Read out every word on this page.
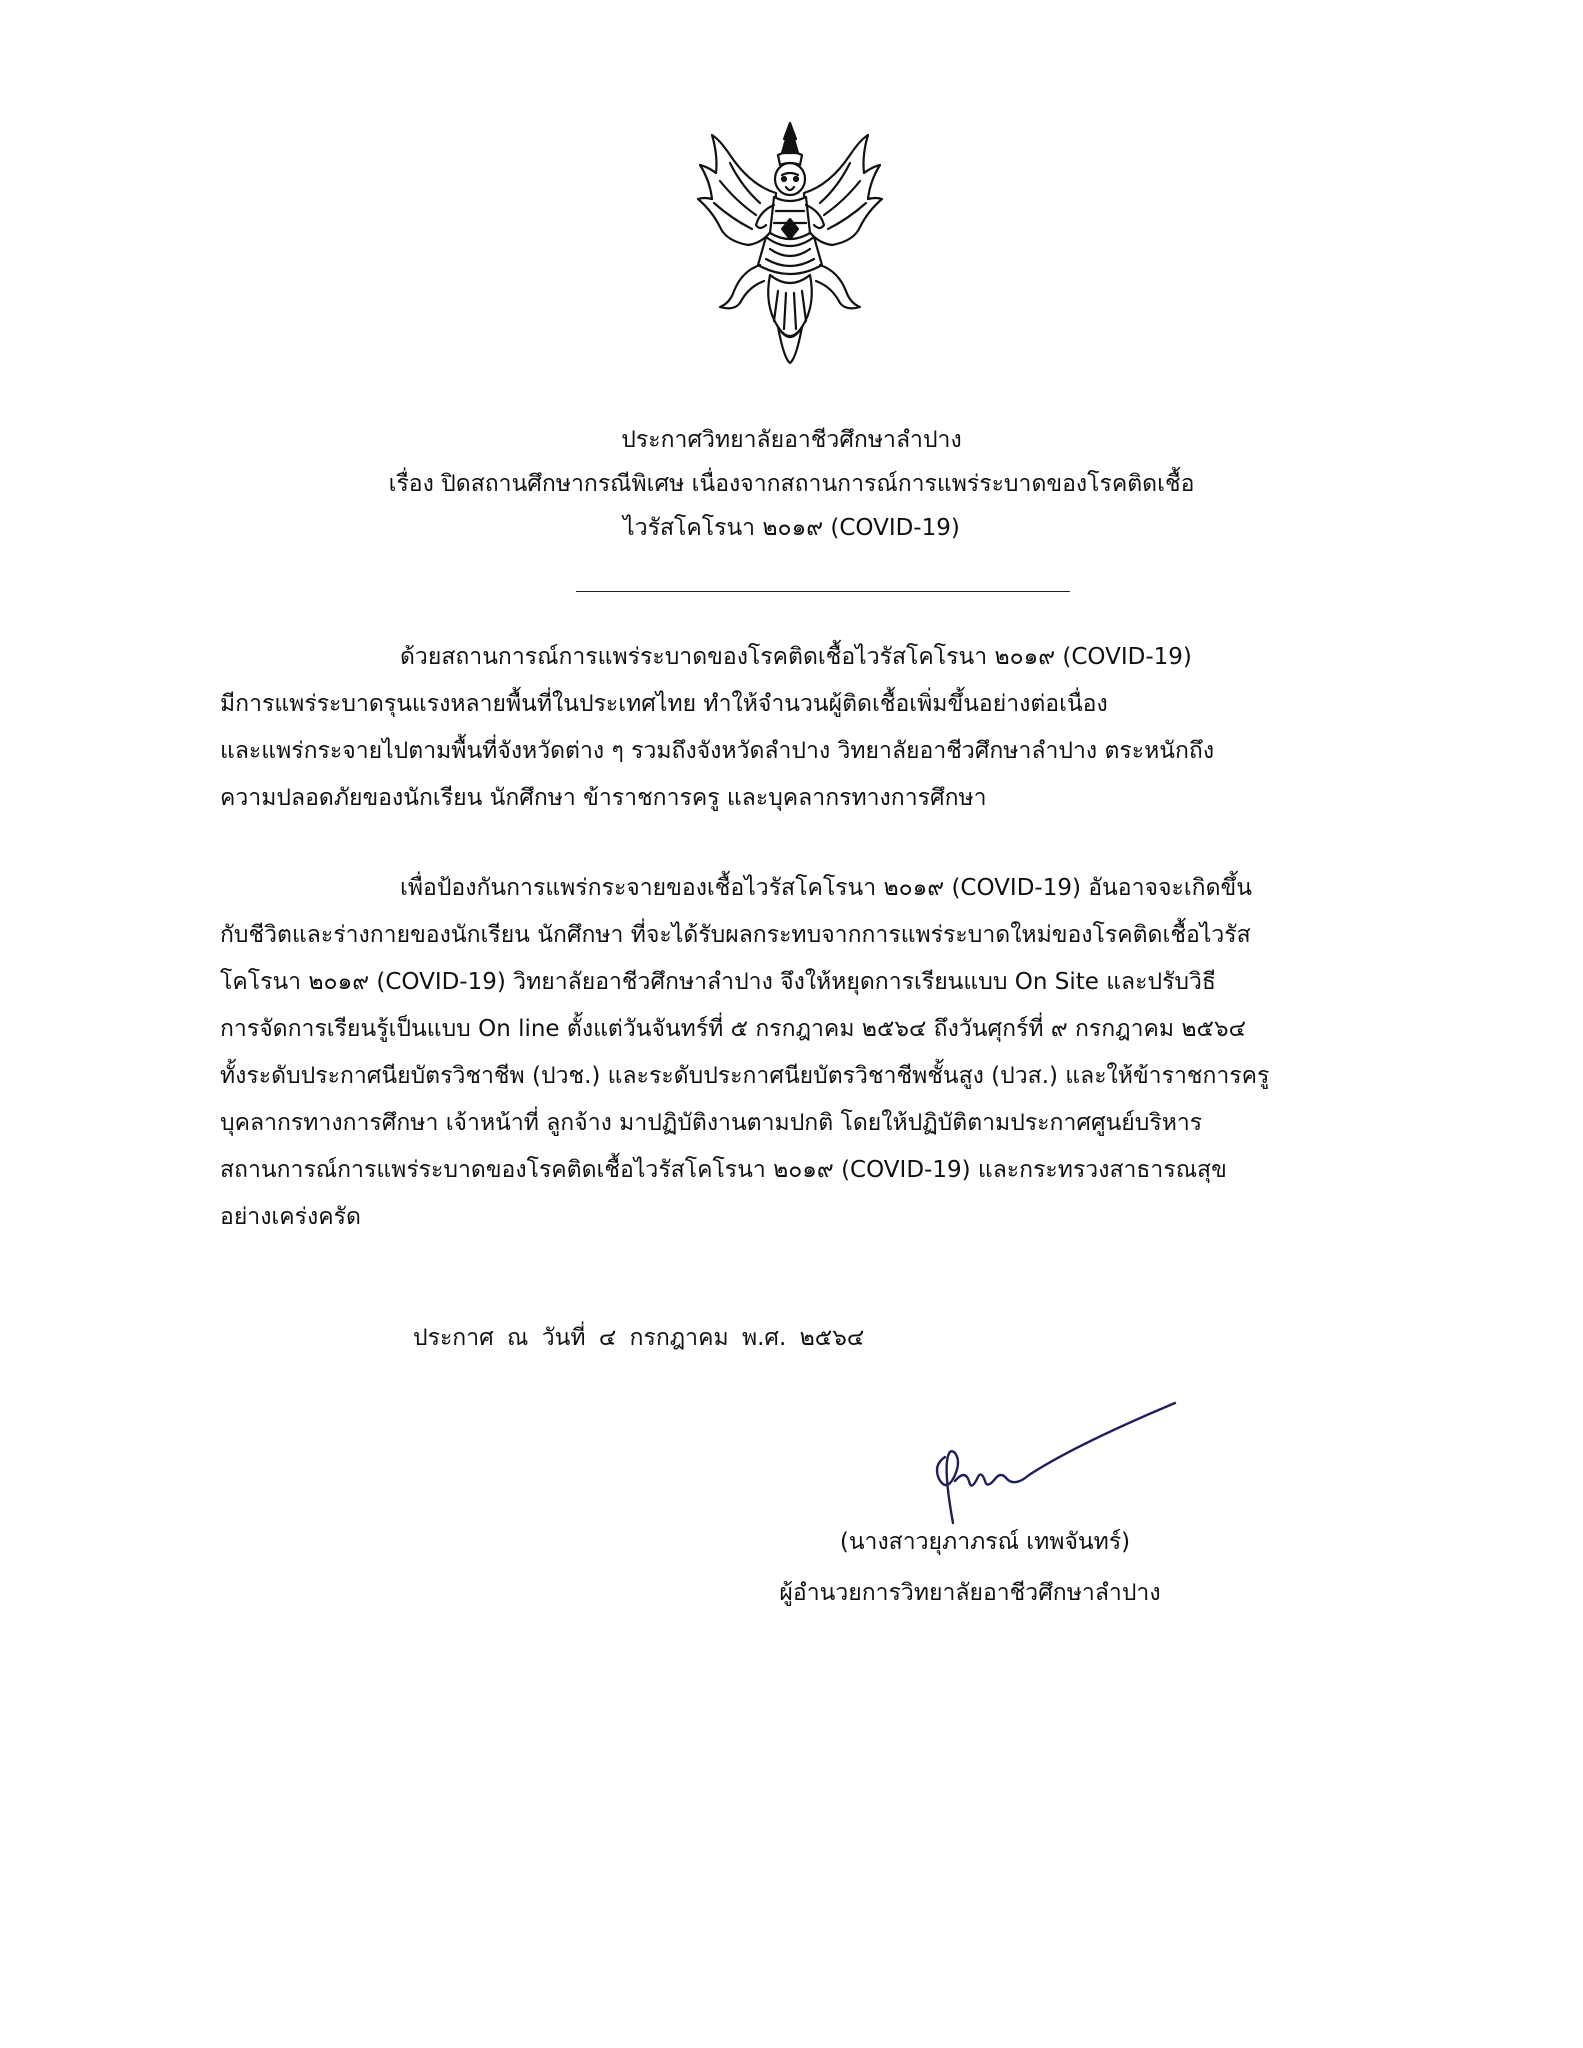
ประกาศวิทยาลัยอาชีวศึกษาลำปาง
เรื่อง ปิดสถานศึกษากรณีพิเศษ เนื่องจากสถานการณ์การแพร่ระบาดของโรคติดเชื้อ
ไวรัสโคโรนา ๒๐๑๙ (COVID-19)
ด้วยสถานการณ์การแพร่ระบาดของโรคติดเชื้อไวรัสโคโรนา ๒๐๑๙ (COVID-19)
มีการแพร่ระบาดรุนแรงหลายพื้นที่ในประเทศไทย ทำให้จำนวนผู้ติดเชื้อเพิ่มขึ้นอย่างต่อเนื่อง
และแพร่กระจายไปตามพื้นที่จังหวัดต่าง ๆ รวมถึงจังหวัดลำปาง วิทยาลัยอาชีวศึกษาลำปาง ตระหนักถึง
ความปลอดภัยของนักเรียน นักศึกษา ข้าราชการครู และบุคลากรทางการศึกษา
เพื่อป้องกันการแพร่กระจายของเชื้อไวรัสโคโรนา ๒๐๑๙ (COVID-19) อันอาจจะเกิดขึ้น
กับชีวิตและร่างกายของนักเรียน นักศึกษา ที่จะได้รับผลกระทบจากการแพร่ระบาดใหม่ของโรคติดเชื้อไวรัส
โคโรนา ๒๐๑๙ (COVID-19) วิทยาลัยอาชีวศึกษาลำปาง จึงให้หยุดการเรียนแบบ On Site และปรับวิธี
การจัดการเรียนรู้เป็นแบบ On line ตั้งแต่วันจันทร์ที่ ๕ กรกฎาคม ๒๕๖๔ ถึงวันศุกร์ที่ ๙ กรกฎาคม ๒๕๖๔
ทั้งระดับประกาศนียบัตรวิชาชีพ (ปวช.) และระดับประกาศนียบัตรวิชาชีพชั้นสูง (ปวส.) และให้ข้าราชการครู
บุคลากรทางการศึกษา เจ้าหน้าที่ ลูกจ้าง มาปฏิบัติงานตามปกติ โดยให้ปฏิบัติตามประกาศศูนย์บริหาร
สถานการณ์การแพร่ระบาดของโรคติดเชื้อไวรัสโคโรนา ๒๐๑๙ (COVID-19) และกระทรวงสาธารณสุข
อย่างเคร่งครัด
ประกาศ ณ วันที่ ๔ กรกฎาคม พ.ศ. ๒๕๖๔
(นางสาวยุภาภรณ์ เทพจันทร์)
ผู้อำนวยการวิทยาลัยอาชีวศึกษาลำปาง
